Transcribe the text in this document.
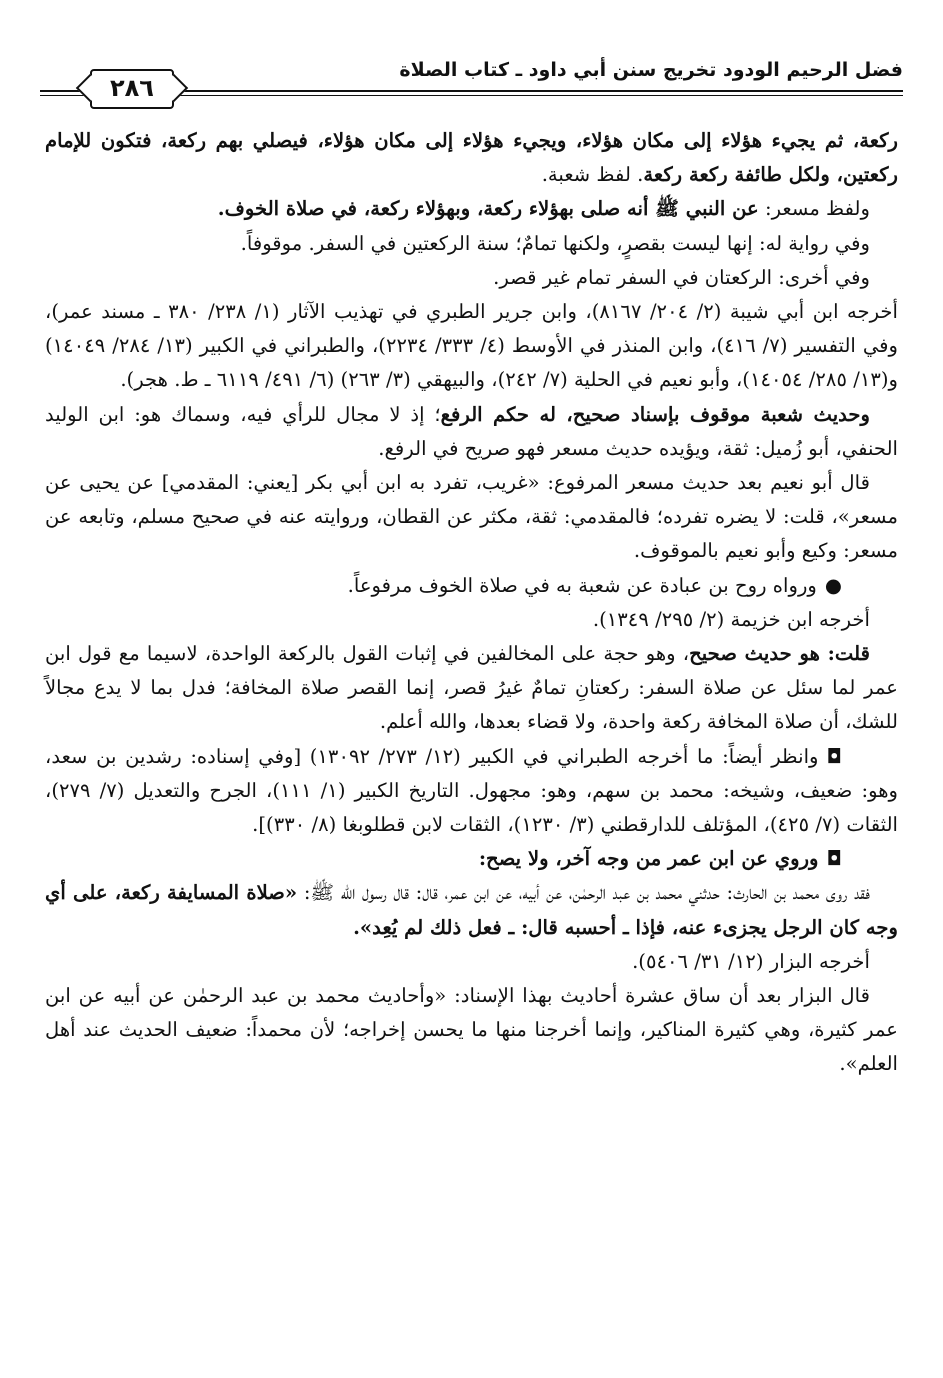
فضل الرحيم الودود تخريج سنن أبي داود ـ كتاب الصلاة
٢٨٦

ركعة، ثم يجيء هؤلاء إلى مكان هؤلاء، ويجيء هؤلاء إلى مكان هؤلاء، فيصلي بهم ركعة، فتكون للإمام ركعتين، ولكل طائفة ركعة ركعة. لفظ شعبة.

ولفظ مسعر: عن النبي ﷺ أنه صلى بهؤلاء ركعة، وبهؤلاء ركعة، في صلاة الخوف.

وفي رواية له: إنها ليست بقصرٍ، ولكنها تمامٌ؛ سنة الركعتين في السفر. موقوفاً.

وفي أخرى: الركعتان في السفر تمام غير قصر.

أخرجه ابن أبي شيبة (٢/ ٢٠٤/ ٨١٦٧)، وابن جرير الطبري في تهذيب الآثار (١/ ٢٣٨/ ٣٨٠ ـ مسند عمر)، وفي التفسير (٧/ ٤١٦)، وابن المنذر في الأوسط (٤/ ٣٣٣/ ٢٢٣٤)، والطبراني في الكبير (١٣/ ٢٨٤/ ١٤٠٤٩) و(١٣/ ٢٨٥/ ١٤٠٥٤)، وأبو نعيم في الحلية (٧/ ٢٤٢)، والبيهقي (٣/ ٢٦٣) (٦/ ٤٩١/ ٦١١٩ ـ ط. هجر).

وحديث شعبة موقوف بإسناد صحيح، له حكم الرفع؛ إذ لا مجال للرأي فيه، وسماك هو: ابن الوليد الحنفي، أبو زُميل: ثقة، ويؤيده حديث مسعر فهو صريح في الرفع.

قال أبو نعيم بعد حديث مسعر المرفوع: «غريب، تفرد به ابن أبي بكر [يعني: المقدمي] عن يحيى عن مسعر»، قلت: لا يضره تفرده؛ فالمقدمي: ثقة، مكثر عن القطان، وروايته عنه في صحيح مسلم، وتابعه عن مسعر: وكيع وأبو نعيم بالموقوف.

●ورواه روح بن عبادة عن شعبة به في صلاة الخوف مرفوعاً.

أخرجه ابن خزيمة (٢/ ٢٩٥/ ١٣٤٩).

قلت: هو حديث صحيح، وهو حجة على المخالفين في إثبات القول بالركعة الواحدة، لاسيما مع قول ابن عمر لما سئل عن صلاة السفر: ركعتانِ تمامٌ غيرُ قصر، إنما القصر صلاة المخافة؛ فدل بما لا يدع مجالاً للشك، أن صلاة المخافة ركعة واحدة، ولا قضاء بعدها، والله أعلم.

◘وانظر أيضاً: ما أخرجه الطبراني في الكبير (١٢/ ٢٧٣/ ١٣٠٩٢) [وفي إسناده: رشدين بن سعد، وهو: ضعيف، وشيخه: محمد بن سهم، وهو: مجهول. التاريخ الكبير (١/ ١١١)، الجرح والتعديل (٧/ ٢٧٩)، الثقات (٧/ ٤٢٥)، المؤتلف للدارقطني (٣/ ١٢٣٠)، الثقات لابن قطلوبغا (٨/ ٣٣٠)].

◘وروي عن ابن عمر من وجه آخر، ولا يصح:

فقد روى محمد بن الحارث: حدثني محمد بن عبد الرحمٰن، عن أبيه، عن ابن عمر، قال: قال رسول الله ﷺ: «صلاة المسايفة ركعة، على أي وجه كان الرجل يجزىء عنه، فإذا ـ أحسبه قال: ـ فعل ذلك لم يُعِد».

أخرجه البزار (١٢/ ٣١/ ٥٤٠٦).

قال البزار بعد أن ساق عشرة أحاديث بهذا الإسناد: «وأحاديث محمد بن عبد الرحمٰن عن أبيه عن ابن عمر كثيرة، وهي كثيرة المناكير، وإنما أخرجنا منها ما يحسن إخراجه؛ لأن محمداً: ضعيف الحديث عند أهل العلم».
